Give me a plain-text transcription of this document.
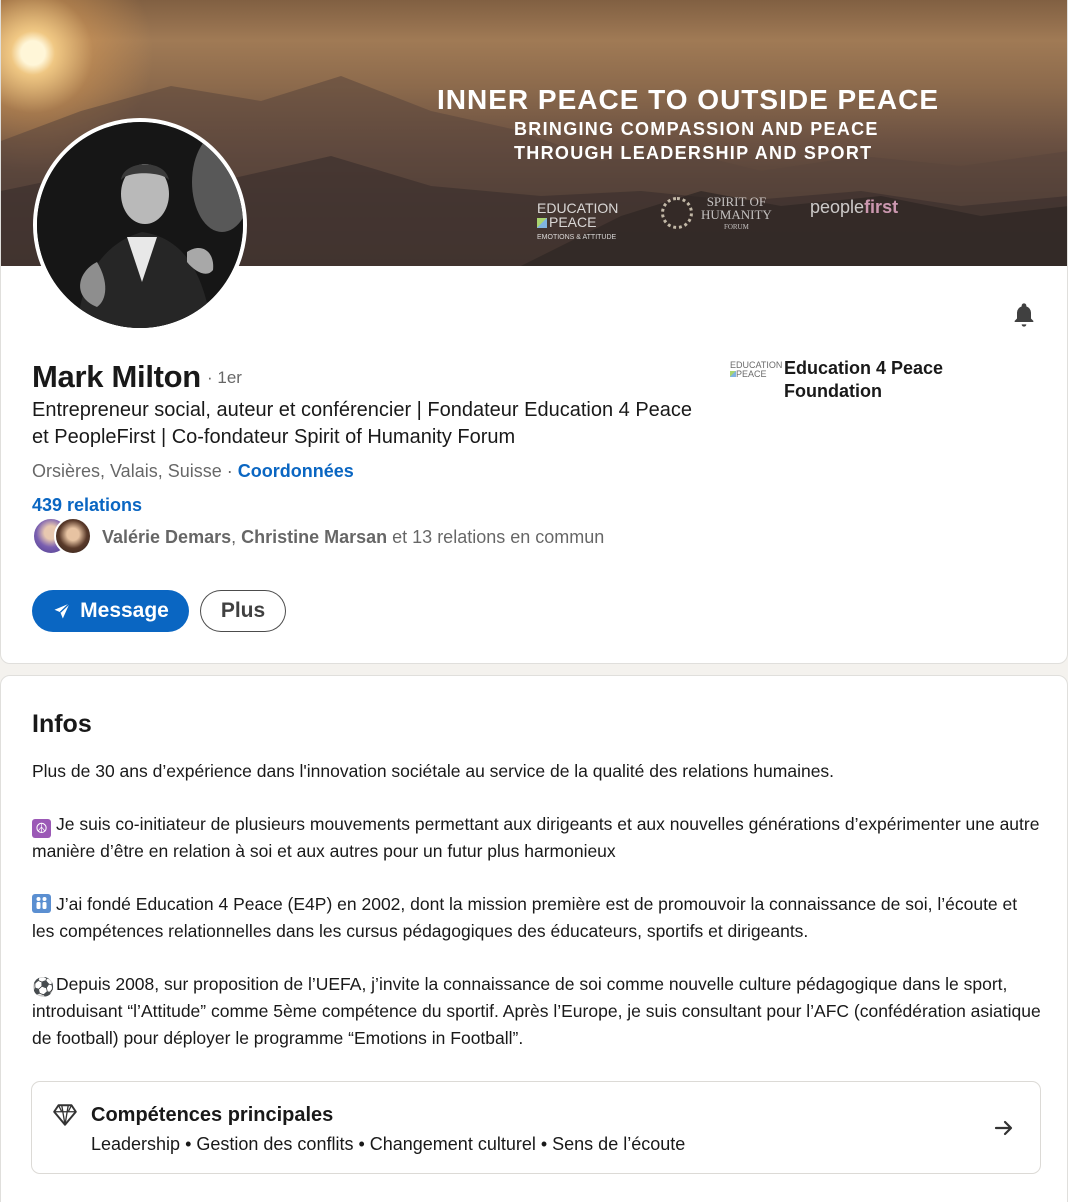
INNER PEACE TO OUTSIDE PEACE
BRINGING COMPASSION AND PEACE
THROUGH LEADERSHIP AND SPORT
EDUCATION
PEACE
EMOTIONS & ATTITUDE
SPIRIT OF
HUMANITY
FORUM
peoplefirst
Mark Milton · 1er
Entrepreneur social, auteur et conférencier | Fondateur Education 4 Peace et PeopleFirst | Co-fondateur Spirit of Humanity Forum
Orsières, Valais, Suisse · Coordonnées
439 relations
Valérie Demars, Christine Marsan et 13 relations en commun
Message	Plus
EDUCATION
PEACE Education 4 Peace Foundation
Infos
Plus de 30 ans d’expérience dans l'innovation sociétale au service de la qualité des relations humaines.
☮ Je suis co-initiateur de plusieurs mouvements permettant aux dirigeants et aux nouvelles générations d’expérimenter une autre manière d’être en relation à soi et aux autres pour un futur plus harmonieux
J’ai fondé Education 4 Peace (E4P) en 2002, dont la mission première est de promouvoir la connaissance de soi, l’écoute et les compétences relationnelles dans les cursus pédagogiques des éducateurs, sportifs et dirigeants.
⚽Depuis 2008, sur proposition de l’UEFA, j’invite la connaissance de soi comme nouvelle culture pédagogique dans le sport, introduisant “l’Attitude” comme 5ème compétence du sportif. Après l’Europe, je suis consultant pour l’AFC (confédération asiatique de football) pour déployer le programme “Emotions in Football”.
Compétences principales
Leadership • Gestion des conflits • Changement culturel • Sens de l’écoute
